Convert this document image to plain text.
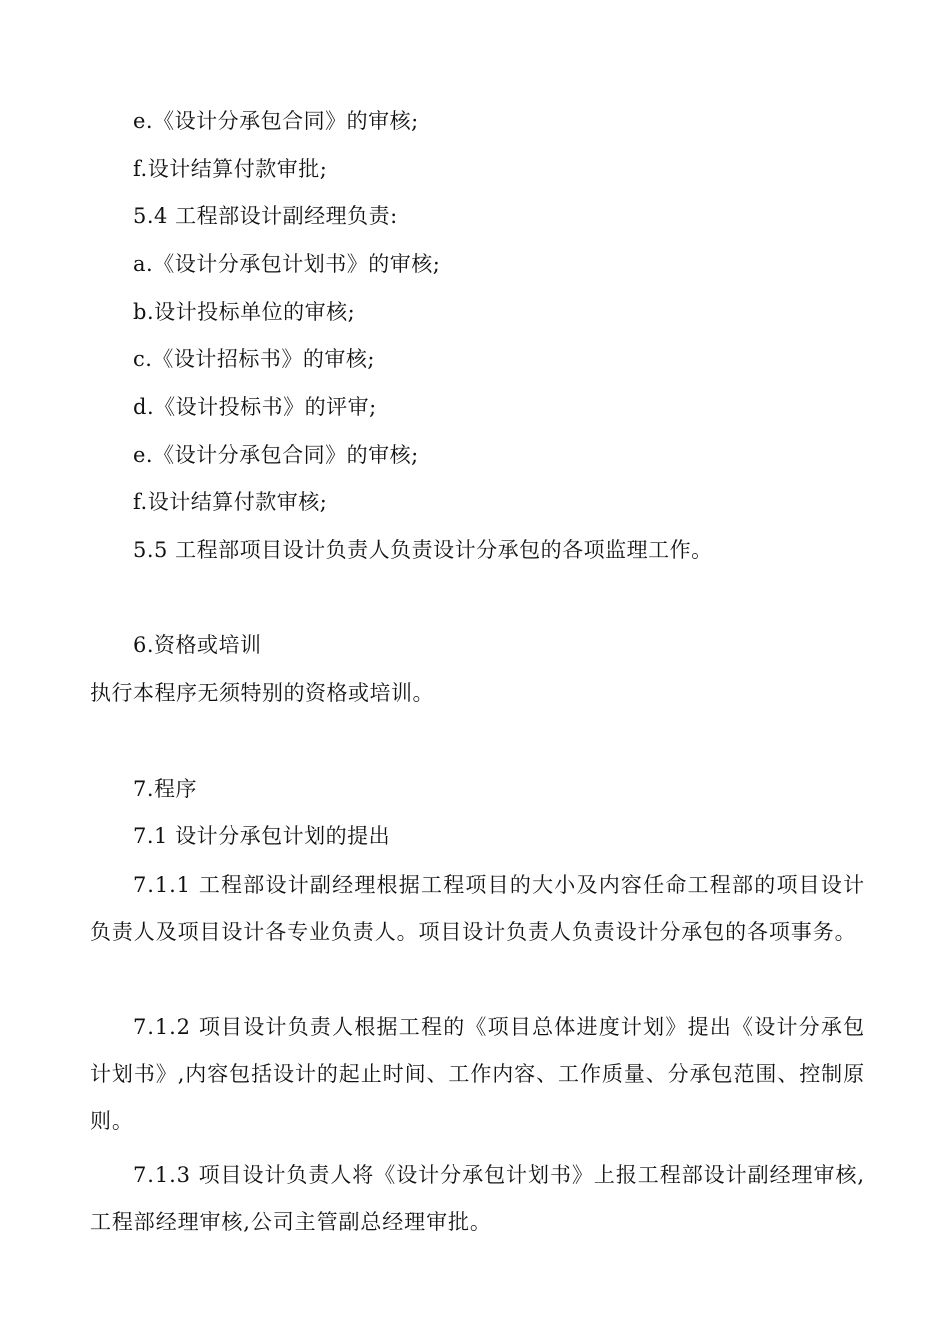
e.《设计分承包合同》的审核;
f.设计结算付款审批;
5.4 工程部设计副经理负责:
a.《设计分承包计划书》的审核;
b.设计投标单位的审核;
c.《设计招标书》的审核;
d.《设计投标书》的评审;
e.《设计分承包合同》的审核;
f.设计结算付款审核;
5.5 工程部项目设计负责人负责设计分承包的各项监理工作。
6.资格或培训
执行本程序无须特别的资格或培训。
7.程序
7.1 设计分承包计划的提出
7.1.1 工程部设计副经理根据工程项目的大小及内容任命工程部的项目设计负责人及项目设计各专业负责人。项目设计负责人负责设计分承包的各项事务。
7.1.2 项目设计负责人根据工程的《项目总体进度计划》提出《设计分承包计划书》,内容包括设计的起止时间、工作内容、工作质量、分承包范围、控制原则。
7.1.3 项目设计负责人将《设计分承包计划书》上报工程部设计副经理审核,工程部经理审核,公司主管副总经理审批。
